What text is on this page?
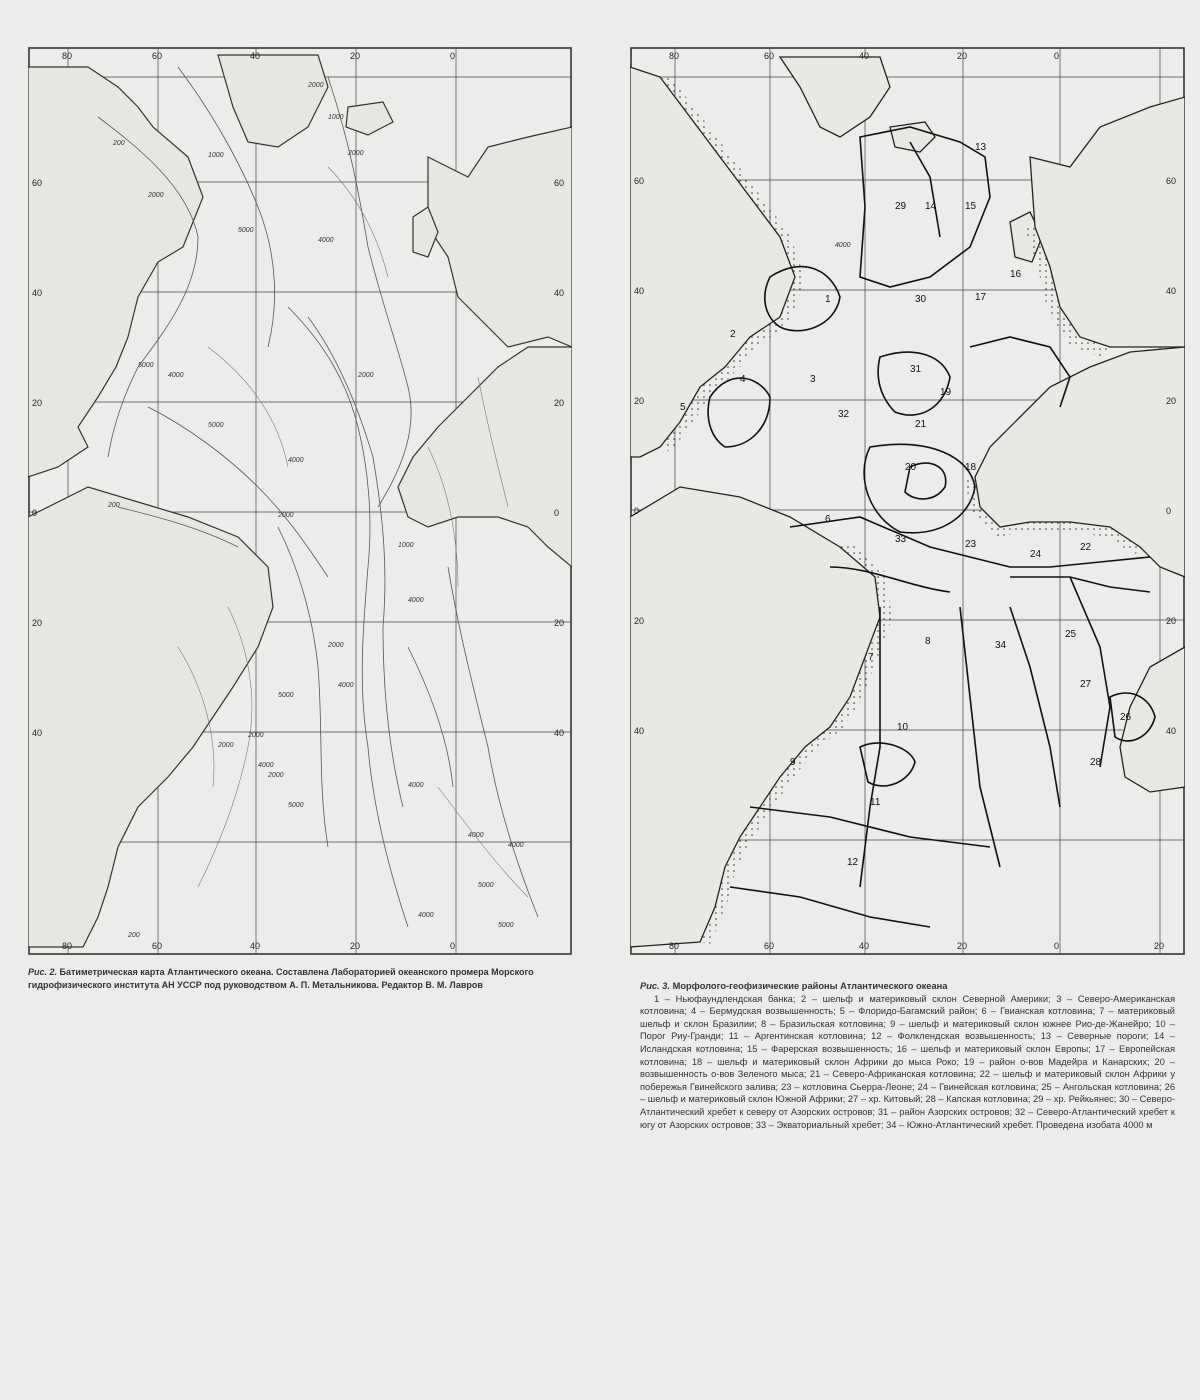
2000
1000
2000
200
1000
2000
5000
4000
5000
4000	2000
5000
4000
200
2000
1000
4000
2000
4000
5000
2000
4000
5000
2000
2000
4000
200
4000
5000
4000
4000
5000
80	60	40	20	0
80	60	40	20	0
60
40
20
0
20
40
60
40
20
0
20
40
1
2
3
4
5
6
7
8
9
10
11
12
13
14	15
16
17
18
19
20
21
22
23
24
25
26
27
28
29
30
31
32
33
34
4000
80	60	40	20	0
80	60	40	20	0	20
60
40
20
0
20
40
60
40
20
0
20
40
Рис. 2. Батиметрическая карта Атлантического океана. Составлена Лабораторией океанского промера Морского гидрофизического института АН УССР под руководством А. П. Метальникова. Редактор В. М. Лавров	Рис. 3. Морфолого-геофизические районы Атлантического океана
1 – Ньюфаундлендская банка; 2 – шельф и материковый склон Северной Америки; 3 – Северо-Американская котловина; 4 – Бермудская возвышенность; 5 – Флоридо-Багамский район; 6 – Гвианская котловина; 7 – материковый шельф и склон Бразилии; 8 – Бразильская котловина; 9 – шельф и материковый склон южнее Рио-де-Жанейро; 10 – Порог Риу-Гранди; 11 – Аргентинская котловина; 12 – Фолклендская возвышенность; 13 – Северные пороги; 14 – Исландская котловина; 15 – Фарерская возвышенность; 16 – шельф и материковый склон Европы; 17 – Европейская котловина; 18 – шельф и материковый склон Африки до мыса Роко; 19 – район о-вов Мадейра и Канарских; 20 – возвышенность о-вов Зеленого мыса; 21 – Северо-Африканская котловина; 22 – шельф и материковый склон Африки у побережья Гвинейского залива; 23 – котловина Сьерра-Леоне; 24 – Гвинейская котловина; 25 – Ангольская котловина; 26 – шельф и материковый склон Южной Африки; 27 – хр. Китовый; 28 – Капская котловина; 29 – хр. Рейкьянес; 30 – Северо-Атлантический хребет к северу от Азорских островов; 31 – район Азорских островов; 32 – Северо-Атлантический хребет к югу от Азорских островов; 33 – Экваториальный хребет; 34 – Южно-Атлантический хребет. Проведена изобата 4000 м
